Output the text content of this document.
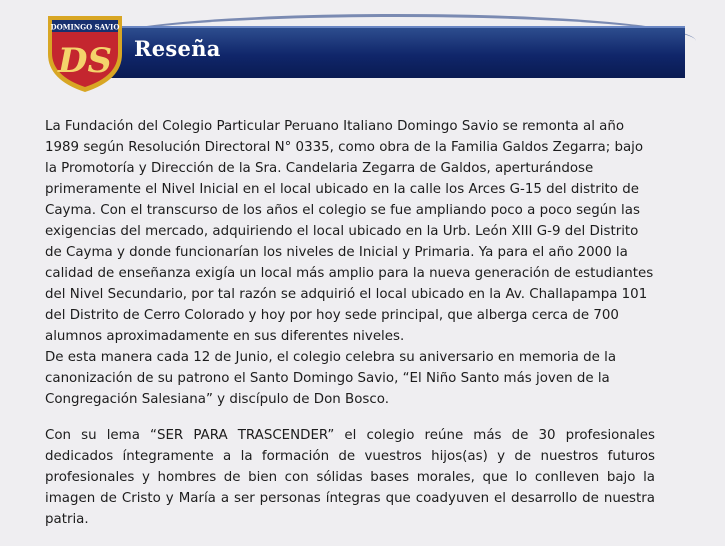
Reseña
DOMINGO SAVIO
DS

La Fundación del Colegio Particular Peruano Italiano Domingo Savio se remonta al año 1989 según Resolución Directoral N° 0335, como obra de la Familia Galdos Zegarra; bajo la Promotoría y Dirección de la Sra. Candelaria Zegarra de Galdos, aperturándose primeramente el Nivel Inicial en el local ubicado en la calle los Arces G-15 del distrito de Cayma. Con el transcurso de los años el colegio se fue ampliando poco a poco según las exigencias del mercado, adquiriendo el local ubicado en la Urb. León XIII G-9 del Distrito de Cayma y donde funcionarían los niveles de Inicial y Primaria. Ya para el año 2000 la calidad de enseñanza exigía un local más amplio para la nueva generación de estudiantes del Nivel Secundario, por tal razón se adquirió el local ubicado en la Av. Challapampa 101 del Distrito de Cerro Colorado y hoy por hoy sede principal, que alberga cerca de 700 alumnos aproximadamente en sus diferentes niveles.

De esta manera cada 12 de Junio, el colegio celebra su aniversario en memoria de la canonización de su patrono el Santo Domingo Savio, “El Niño Santo más joven de la Congregación Salesiana” y discípulo de Don Bosco.

Con su lema “SER PARA TRASCENDER” el colegio reúne más de 30 profesionales dedicados íntegramente a la formación de vuestros hijos(as) y de nuestros futuros profesionales y hombres de bien con sólidas bases morales, que lo conlleven bajo la imagen de Cristo y María a ser personas íntegras que coadyuven el desarrollo de nuestra patria.
